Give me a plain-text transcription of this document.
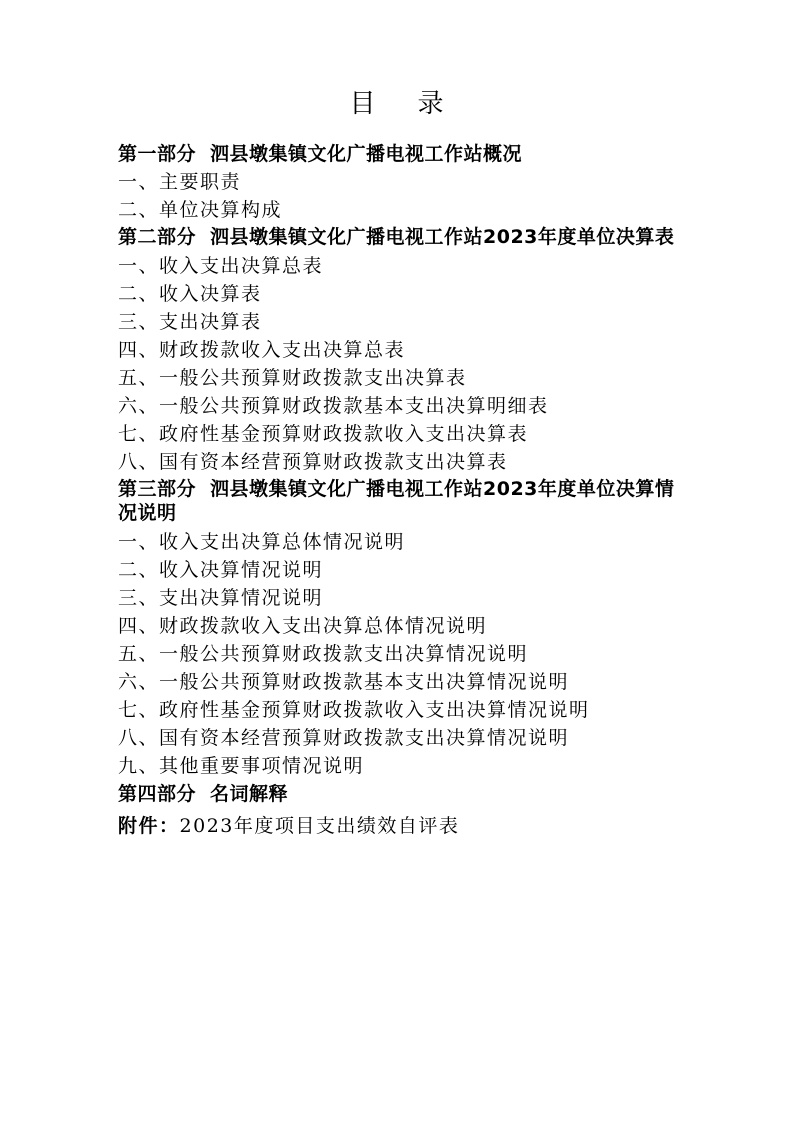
目录
第一部分 泗县墩集镇文化广播电视工作站概况
一、主要职责
二、单位决算构成
第二部分 泗县墩集镇文化广播电视工作站2023年度单位决算表
一、收入支出决算总表
二、收入决算表
三、支出决算表
四、财政拨款收入支出决算总表
五、一般公共预算财政拨款支出决算表
六、一般公共预算财政拨款基本支出决算明细表
七、政府性基金预算财政拨款收入支出决算表
八、国有资本经营预算财政拨款支出决算表
第三部分 泗县墩集镇文化广播电视工作站2023年度单位决算情况说明
一、收入支出决算总体情况说明
二、收入决算情况说明
三、支出决算情况说明
四、财政拨款收入支出决算总体情况说明
五、一般公共预算财政拨款支出决算情况说明
六、一般公共预算财政拨款基本支出决算情况说明
七、政府性基金预算财政拨款收入支出决算情况说明
八、国有资本经营预算财政拨款支出决算情况说明
九、其他重要事项情况说明
第四部分 名词解释
附件：2023年度项目支出绩效自评表
